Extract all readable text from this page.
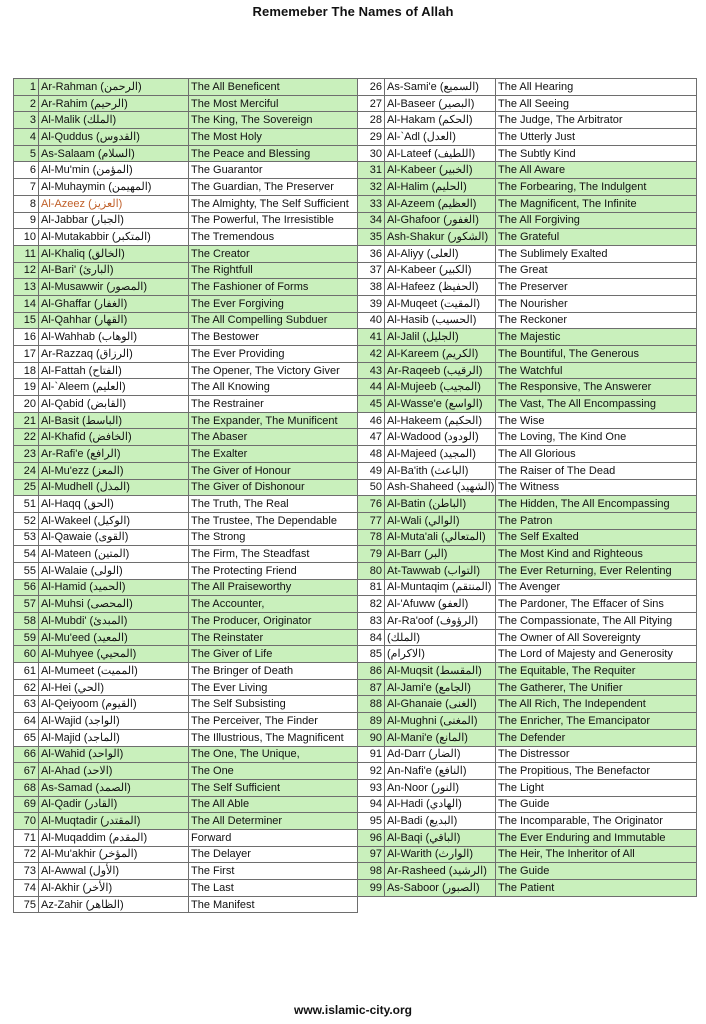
Rememeber The Names of Allah
1	Ar-Rahman (الرحمن)	The All Beneficent
2	Ar-Rahim (الرحيم)	The Most Merciful
3	Al-Malik (الملك)	The King, The Sovereign
4	Al-Quddus (القدوس)	The Most Holy
5	As-Salaam (السلام)	The Peace and Blessing
6	Al-Mu'min (المؤمن)	The Guarantor
7	Al-Muhaymin (المهيمن)	The Guardian, The Preserver
8	Al-Azeez (العزيز)	The Almighty, The Self Sufficient
9	Al-Jabbar (الجبار)	The Powerful, The Irresistible
10	Al-Mutakabbir (المتكبر)	The Tremendous
11	Al-Khaliq (الخالق)	The Creator
12	Al-Bari' (البارئ)	The Rightfull
13	Al-Musawwir (المصور)	The Fashioner of Forms
14	Al-Ghaffar (الغفار)	The Ever Forgiving
15	Al-Qahhar (القهار)	The All Compelling Subduer
16	Al-Wahhab (الوهاب)	The Bestower
17	Ar-Razzaq (الرزاق)	The Ever Providing
18	Al-Fattah (الفتاح)	The Opener, The Victory Giver
19	Al-`Aleem (العليم)	The All Knowing
20	Al-Qabid (القابض)	The Restrainer
21	Al-Basit (الباسط)	The Expander, The Munificent
22	Al-Khafid (الخافض)	The Abaser
23	Ar-Rafi'e (الرافع)	The Exalter
24	Al-Mu'ezz (المعز)	The Giver of Honour
25	Al-Mudhell (المذل)	The Giver of Dishonour
51	Al-Haqq (الحق)	The Truth, The Real
52	Al-Wakeel (الوكيل)	The Trustee, The Dependable
53	Al-Qawaie (القوى)	The Strong
54	Al-Mateen (المتين)	The Firm, The Steadfast
55	Al-Walaie (الولى)	The Protecting Friend
56	Al-Hamid (الحميد)	The All Praiseworthy
57	Al-Muhsi (المحصى)	The Accounter,
58	Al-Mubdi' (المبدئ)	The Producer, Originator
59	Al-Mu'eed (المعيد)	The Reinstater
60	Al-Muhyee (المحيي)	The Giver of Life
61	Al-Mumeet (المميت)	The Bringer of Death
62	Al-Hei (الحي)	The Ever Living
63	Al-Qeiyoom (القيوم)	The Self Subsisting
64	Al-Wajid (الواجد)	The Perceiver, The Finder
65	Al-Majid (الماجد)	The Illustrious, The Magnificent
66	Al-Wahid (الواحد)	The One, The Unique,
67	Al-Ahad (الاحد)	The One
68	As-Samad (الصمد)	The Self Sufficient
69	Al-Qadir (القادر)	The All Able
70	Al-Muqtadir (المقتدر)	The All Determiner
71	Al-Muqaddim (المقدم)	Forward
72	Al-Mu'akhir (المؤخر)	The Delayer
73	Al-Awwal (الأول)	The First
74	Al-Akhir (الأخر)	The Last
75	Az-Zahir (الظاهر)	The Manifest
26	As-Sami'e (السميع)	The All Hearing
27	Al-Baseer (البصير)	The All Seeing
28	Al-Hakam (الحكم)	The Judge, The Arbitrator
29	Al-`Adl (العدل)	The Utterly Just
30	Al-Lateef (اللطيف)	The Subtly Kind
31	Al-Kabeer (الخبير)	The All Aware
32	Al-Halim (الحليم)	The Forbearing, The Indulgent
33	Al-Azeem (العظيم)	The Magnificent, The Infinite
34	Al-Ghafoor (الغفور)	The All Forgiving
35	Ash-Shakur (الشكور)	The Grateful
36	Al-Aliyy (العلى)	The Sublimely Exalted
37	Al-Kabeer (الكبير)	The Great
38	Al-Hafeez (الحفيظ)	The Preserver
39	Al-Muqeet (المقيت)	The Nourisher
40	Al-Hasib (الحسيب)	The Reckoner
41	Al-Jalil (الجليل)	The Majestic
42	Al-Kareem (الكريم)	The Bountiful, The Generous
43	Ar-Raqeeb (الرقيب)	The Watchful
44	Al-Mujeeb (المجيب)	The Responsive, The Answerer
45	Al-Wasse'e (الواسع)	The Vast, The All Encompassing
46	Al-Hakeem (الحكيم)	The Wise
47	Al-Wadood (الودود)	The Loving, The Kind One
48	Al-Majeed (المجيد)	The All Glorious
49	Al-Ba'ith (الباعث)	The Raiser of The Dead
50	Ash-Shaheed (الشهيد)	The Witness
76	Al-Batin (الباطن)	The Hidden, The All Encompassing
77	Al-Wali (الوالي)	The Patron
78	Al-Muta'ali (المتعالي)	The Self Exalted
79	Al-Barr (البر)	The Most Kind and Righteous
80	At-Tawwab (التواب)	The Ever Returning, Ever Relenting
81	Al-Muntaqim (المنتقم)	The Avenger
82	Al-'Afuww (العفو)	The Pardoner, The Effacer of Sins
83	Ar-Ra'oof (الرؤوف)	The Compassionate, The All Pitying
84	(الملك)	The Owner of All Sovereignty
85	(الاكرام)	The Lord of Majesty and Generosity
86	Al-Muqsit (المقسط)	The Equitable, The Requiter
87	Al-Jami'e (الجامع)	The Gatherer, The Unifier
88	Al-Ghanaie (الغنى)	The All Rich, The Independent
89	Al-Mughni (المغنى)	The Enricher, The Emancipator
90	Al-Mani'e (المانع)	The Defender
91	Ad-Darr (الضار)	The Distressor
92	An-Nafi'e (النافع)	The Propitious, The Benefactor
93	An-Noor (النور)	The Light
94	Al-Hadi (الهادي)	The Guide
95	Al-Badi (البديع)	The Incomparable, The Originator
96	Al-Baqi (الباقي)	The Ever Enduring and Immutable
97	Al-Warith (الوارث)	The Heir, The Inheritor of All
98	Ar-Rasheed (الرشيد)	The Guide
99	As-Saboor (الصبور)	The Patient
www.islamic-city.org
